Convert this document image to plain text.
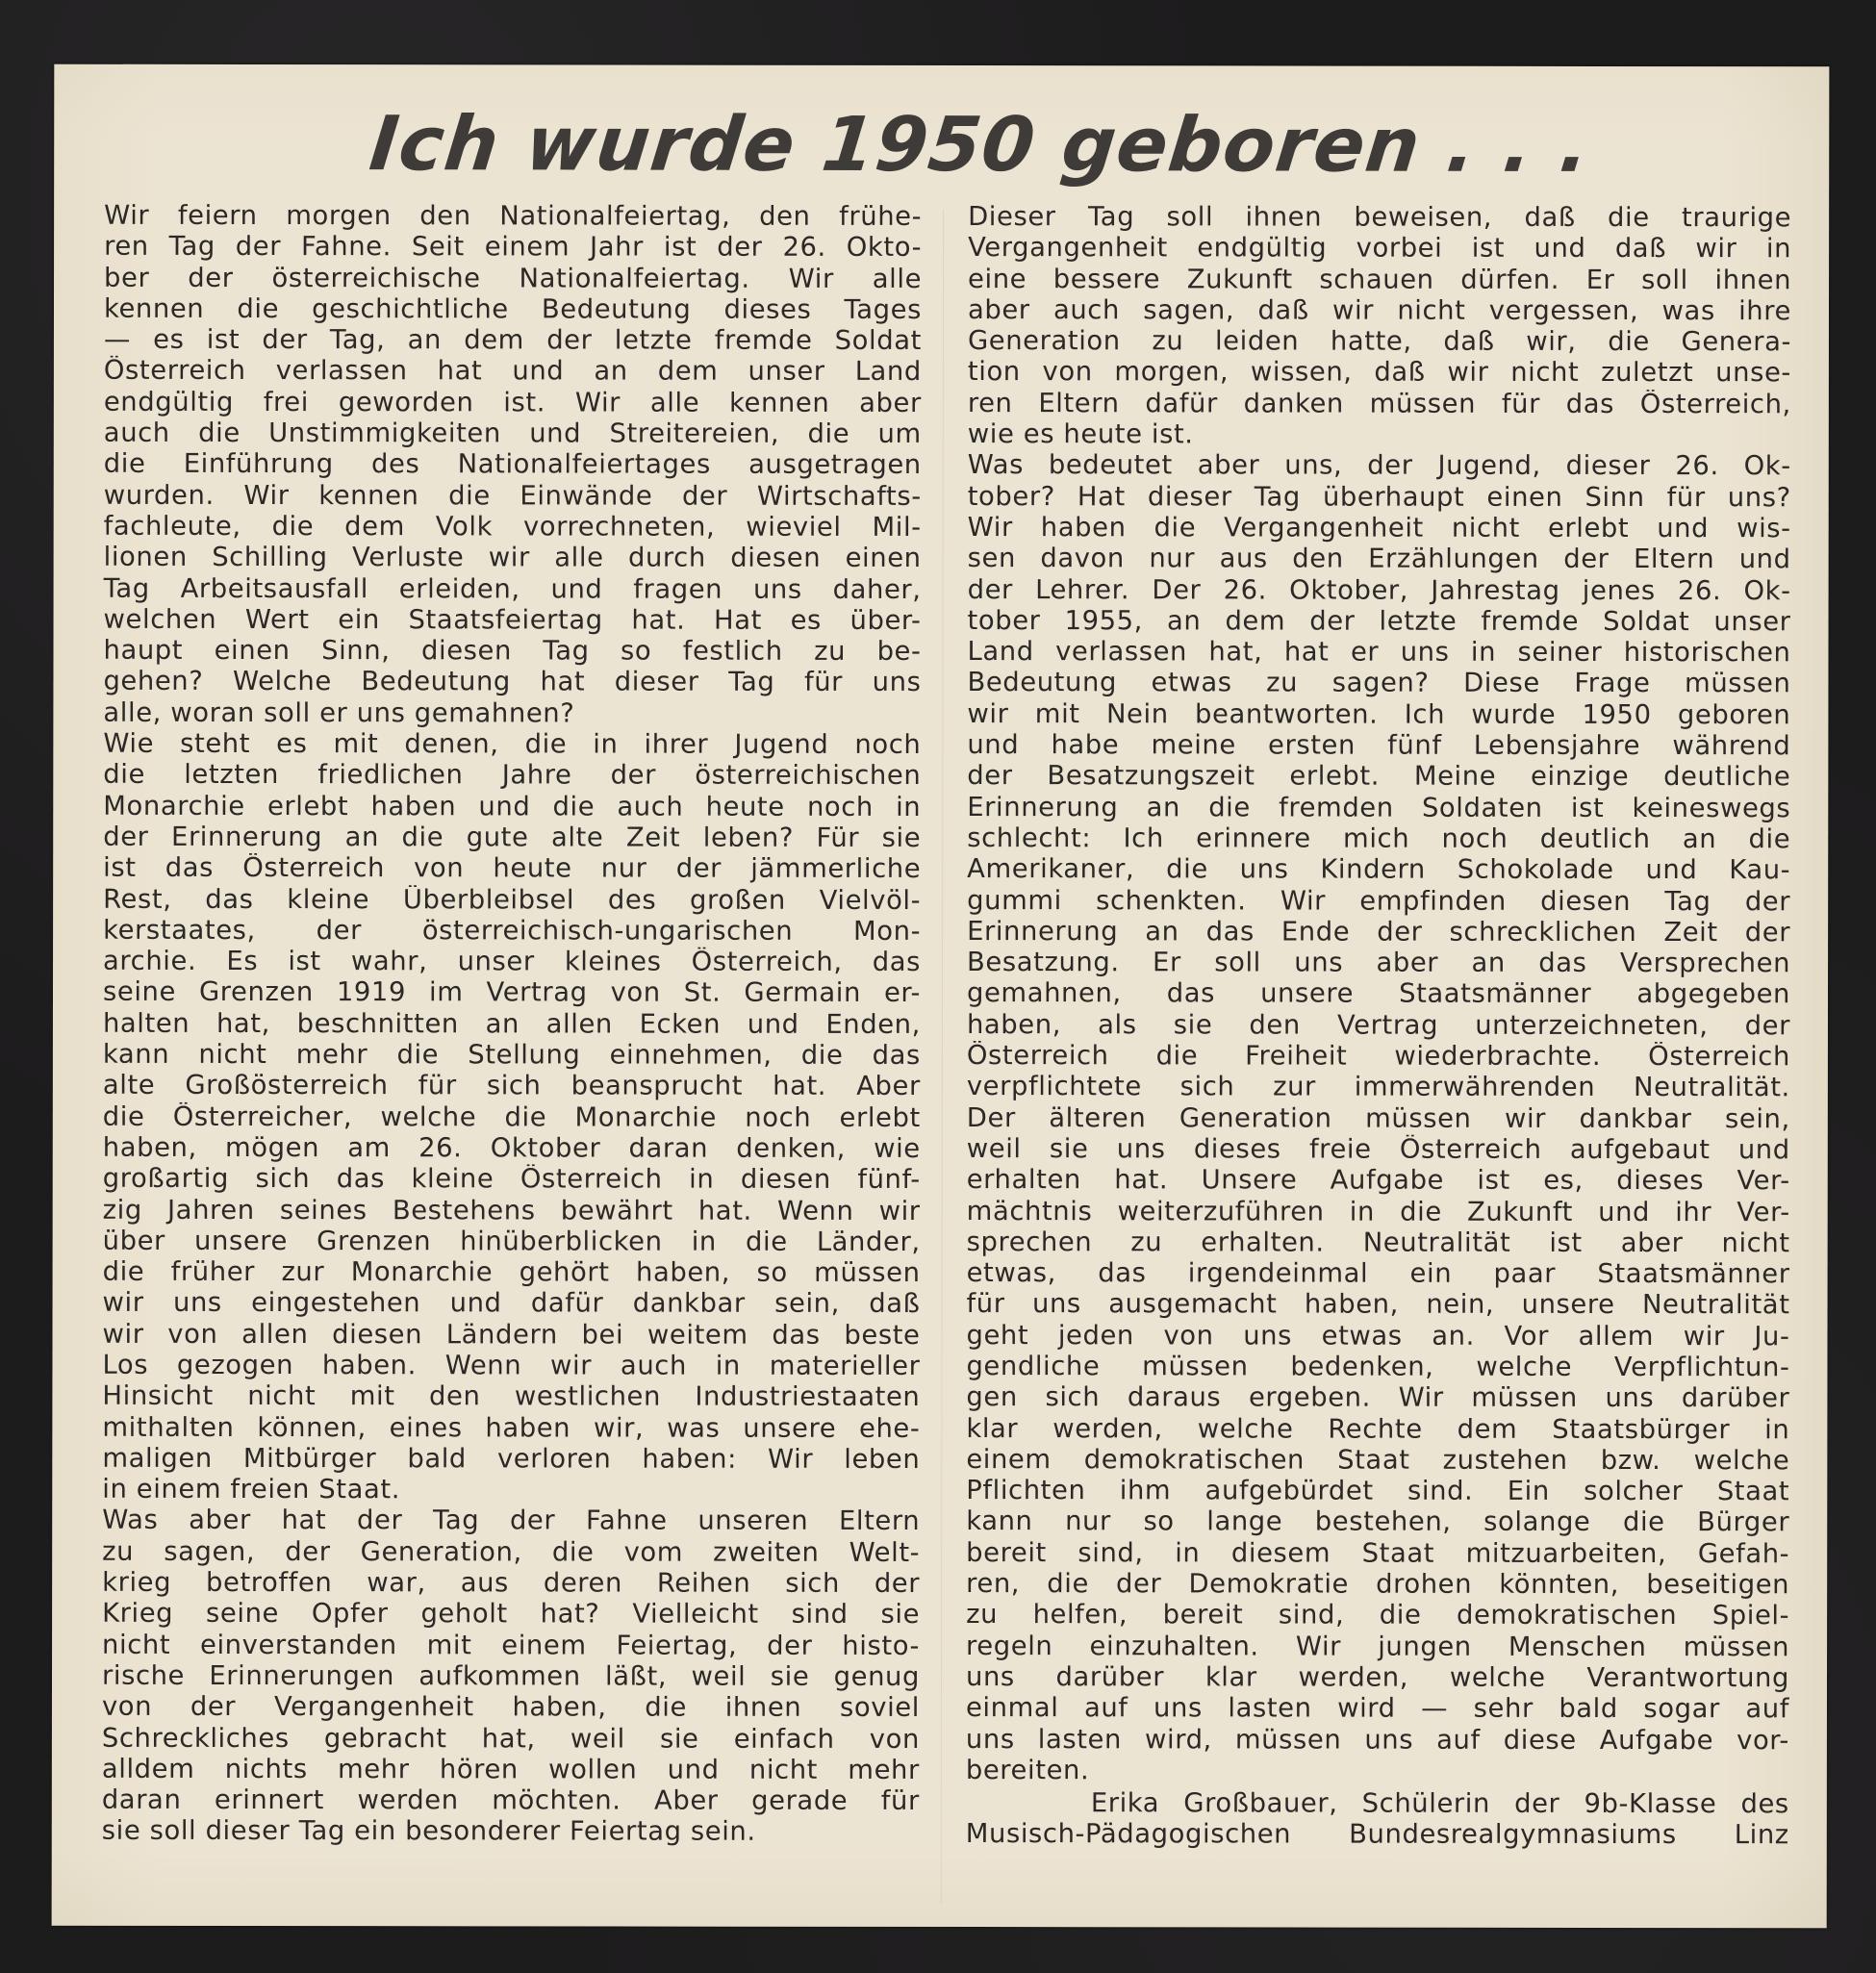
Ich wurde 1950 geboren . . .
Wir feiern morgen den Nationalfeiertag, den frühe-
ren Tag der Fahne. Seit einem Jahr ist der 26. Okto-
ber der österreichische Nationalfeiertag. Wir alle
kennen die geschichtliche Bedeutung dieses Tages
— es ist der Tag, an dem der letzte fremde Soldat
Österreich verlassen hat und an dem unser Land
endgültig frei geworden ist. Wir alle kennen aber
auch die Unstimmigkeiten und Streitereien, die um
die Einführung des Nationalfeiertages ausgetragen
wurden. Wir kennen die Einwände der Wirtschafts-
fachleute, die dem Volk vorrechneten, wieviel Mil-
lionen Schilling Verluste wir alle durch diesen einen
Tag Arbeitsausfall erleiden, und fragen uns daher,
welchen Wert ein Staatsfeiertag hat. Hat es über-
haupt einen Sinn, diesen Tag so festlich zu be-
gehen? Welche Bedeutung hat dieser Tag für uns
alle, woran soll er uns gemahnen?
Wie steht es mit denen, die in ihrer Jugend noch
die letzten friedlichen Jahre der österreichischen
Monarchie erlebt haben und die auch heute noch in
der Erinnerung an die gute alte Zeit leben? Für sie
ist das Österreich von heute nur der jämmerliche
Rest, das kleine Überbleibsel des großen Vielvöl-
kerstaates, der österreichisch-ungarischen Mon-
archie. Es ist wahr, unser kleines Österreich, das
seine Grenzen 1919 im Vertrag von St. Germain er-
halten hat, beschnitten an allen Ecken und Enden,
kann nicht mehr die Stellung einnehmen, die das
alte Großösterreich für sich beansprucht hat. Aber
die Österreicher, welche die Monarchie noch erlebt
haben, mögen am 26. Oktober daran denken, wie
großartig sich das kleine Österreich in diesen fünf-
zig Jahren seines Bestehens bewährt hat. Wenn wir
über unsere Grenzen hinüberblicken in die Länder,
die früher zur Monarchie gehört haben, so müssen
wir uns eingestehen und dafür dankbar sein, daß
wir von allen diesen Ländern bei weitem das beste
Los gezogen haben. Wenn wir auch in materieller
Hinsicht nicht mit den westlichen Industriestaaten
mithalten können, eines haben wir, was unsere ehe-
maligen Mitbürger bald verloren haben: Wir leben
in einem freien Staat.
Was aber hat der Tag der Fahne unseren Eltern
zu sagen, der Generation, die vom zweiten Welt-
krieg betroffen war, aus deren Reihen sich der
Krieg seine Opfer geholt hat? Vielleicht sind sie
nicht einverstanden mit einem Feiertag, der histo-
rische Erinnerungen aufkommen läßt, weil sie genug
von der Vergangenheit haben, die ihnen soviel
Schreckliches gebracht hat, weil sie einfach von
alldem nichts mehr hören wollen und nicht mehr
daran erinnert werden möchten. Aber gerade für
sie soll dieser Tag ein besonderer Feiertag sein.
Dieser Tag soll ihnen beweisen, daß die traurige
Vergangenheit endgültig vorbei ist und daß wir in
eine bessere Zukunft schauen dürfen. Er soll ihnen
aber auch sagen, daß wir nicht vergessen, was ihre
Generation zu leiden hatte, daß wir, die Genera-
tion von morgen, wissen, daß wir nicht zuletzt unse-
ren Eltern dafür danken müssen für das Österreich,
wie es heute ist.
Was bedeutet aber uns, der Jugend, dieser 26. Ok-
tober? Hat dieser Tag überhaupt einen Sinn für uns?
Wir haben die Vergangenheit nicht erlebt und wis-
sen davon nur aus den Erzählungen der Eltern und
der Lehrer. Der 26. Oktober, Jahrestag jenes 26. Ok-
tober 1955, an dem der letzte fremde Soldat unser
Land verlassen hat, hat er uns in seiner historischen
Bedeutung etwas zu sagen? Diese Frage müssen
wir mit Nein beantworten. Ich wurde 1950 geboren
und habe meine ersten fünf Lebensjahre während
der Besatzungszeit erlebt. Meine einzige deutliche
Erinnerung an die fremden Soldaten ist keineswegs
schlecht: Ich erinnere mich noch deutlich an die
Amerikaner, die uns Kindern Schokolade und Kau-
gummi schenkten. Wir empfinden diesen Tag der
Erinnerung an das Ende der schrecklichen Zeit der
Besatzung. Er soll uns aber an das Versprechen
gemahnen, das unsere Staatsmänner abgegeben
haben, als sie den Vertrag unterzeichneten, der
Österreich die Freiheit wiederbrachte. Österreich
verpflichtete sich zur immerwährenden Neutralität.
Der älteren Generation müssen wir dankbar sein,
weil sie uns dieses freie Österreich aufgebaut und
erhalten hat. Unsere Aufgabe ist es, dieses Ver-
mächtnis weiterzuführen in die Zukunft und ihr Ver-
sprechen zu erhalten. Neutralität ist aber nicht
etwas, das irgendeinmal ein paar Staatsmänner
für uns ausgemacht haben, nein, unsere Neutralität
geht jeden von uns etwas an. Vor allem wir Ju-
gendliche müssen bedenken, welche Verpflichtun-
gen sich daraus ergeben. Wir müssen uns darüber
klar werden, welche Rechte dem Staatsbürger in
einem demokratischen Staat zustehen bzw. welche
Pflichten ihm aufgebürdet sind. Ein solcher Staat
kann nur so lange bestehen, solange die Bürger
bereit sind, in diesem Staat mitzuarbeiten, Gefah-
ren, die der Demokratie drohen könnten, beseitigen
zu helfen, bereit sind, die demokratischen Spiel-
regeln einzuhalten. Wir jungen Menschen müssen
uns darüber klar werden, welche Verantwortung
einmal auf uns lasten wird — sehr bald sogar auf
uns lasten wird, müssen uns auf diese Aufgabe vor-
bereiten.
Erika Großbauer, Schülerin der 9b-Klasse des
Musisch-Pädagogischen Bundesrealgymnasiums Linz
